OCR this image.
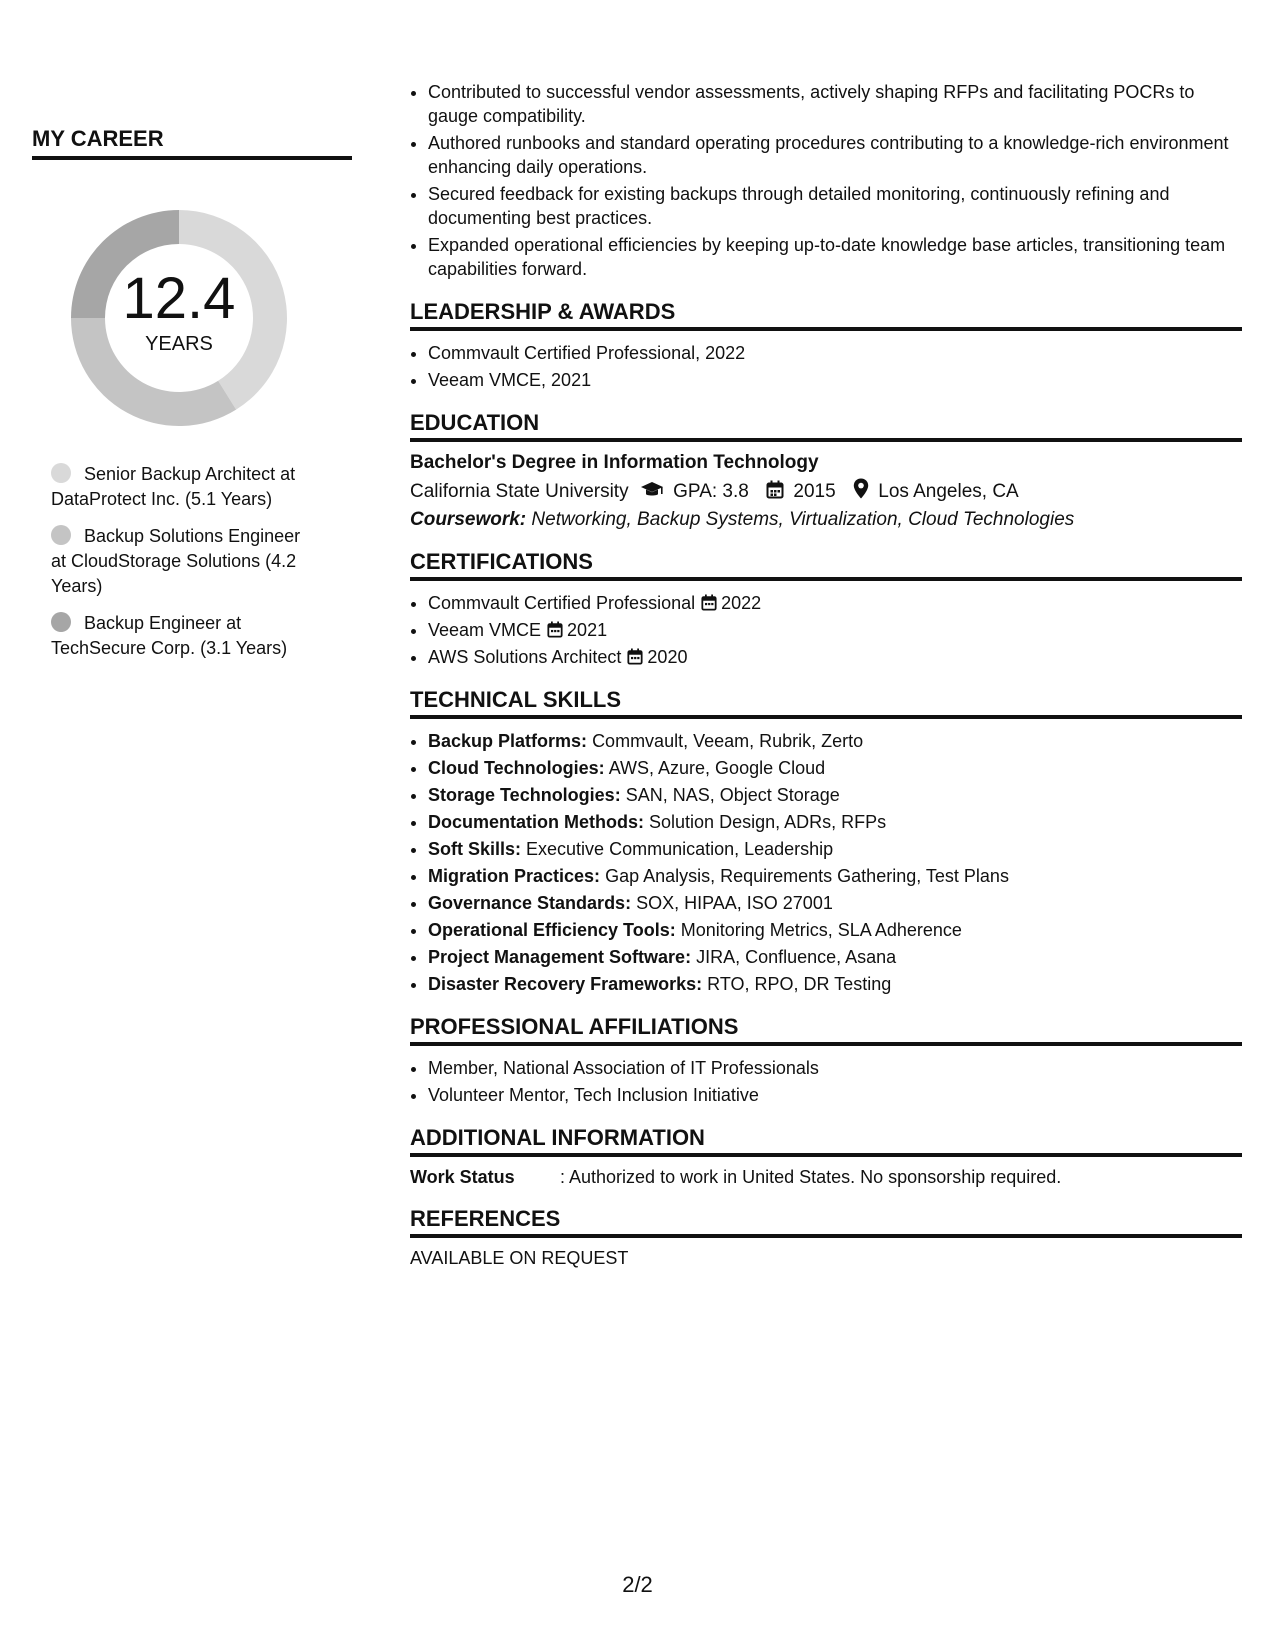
MY CAREER
12.4
YEARS
Senior Backup Architect at DataProtect Inc. (5.1 Years)
Backup Solutions Engineer at CloudStorage Solutions (4.2 Years)
Backup Engineer at TechSecure Corp. (3.1 Years)
• Contributed to successful vendor assessments, actively shaping RFPs and facilitating POCRs to gauge compatibility.
• Authored runbooks and standard operating procedures contributing to a knowledge-rich environment enhancing daily operations.
• Secured feedback for existing backups through detailed monitoring, continuously refining and documenting best practices.
• Expanded operational efficiencies by keeping up-to-date knowledge base articles, transitioning team capabilities forward.
LEADERSHIP & AWARDS
• Commvault Certified Professional, 2022
• Veeam VMCE, 2021
EDUCATION

Bachelor's Degree in Information Technology

California State University GPA: 3.8 2015 Los Angeles, CA

Coursework: Networking, Backup Systems, Virtualization, Cloud Technologies

CERTIFICATIONS
• Commvault Certified Professional 2022
• Veeam VMCE 2021
• AWS Solutions Architect 2020
TECHNICAL SKILLS
• Backup Platforms: Commvault, Veeam, Rubrik, Zerto
• Cloud Technologies: AWS, Azure, Google Cloud
• Storage Technologies: SAN, NAS, Object Storage
• Documentation Methods: Solution Design, ADRs, RFPs
• Soft Skills: Executive Communication, Leadership
• Migration Practices: Gap Analysis, Requirements Gathering, Test Plans
• Governance Standards: SOX, HIPAA, ISO 27001
• Operational Efficiency Tools: Monitoring Metrics, SLA Adherence
• Project Management Software: JIRA, Confluence, Asana
• Disaster Recovery Frameworks: RTO, RPO, DR Testing
PROFESSIONAL AFFILIATIONS
• Member, National Association of IT Professionals
• Volunteer Mentor, Tech Inclusion Initiative
ADDITIONAL INFORMATION

Work Status	: Authorized to work in United States. No sponsorship required.

REFERENCES

AVAILABLE ON REQUEST

2/2
